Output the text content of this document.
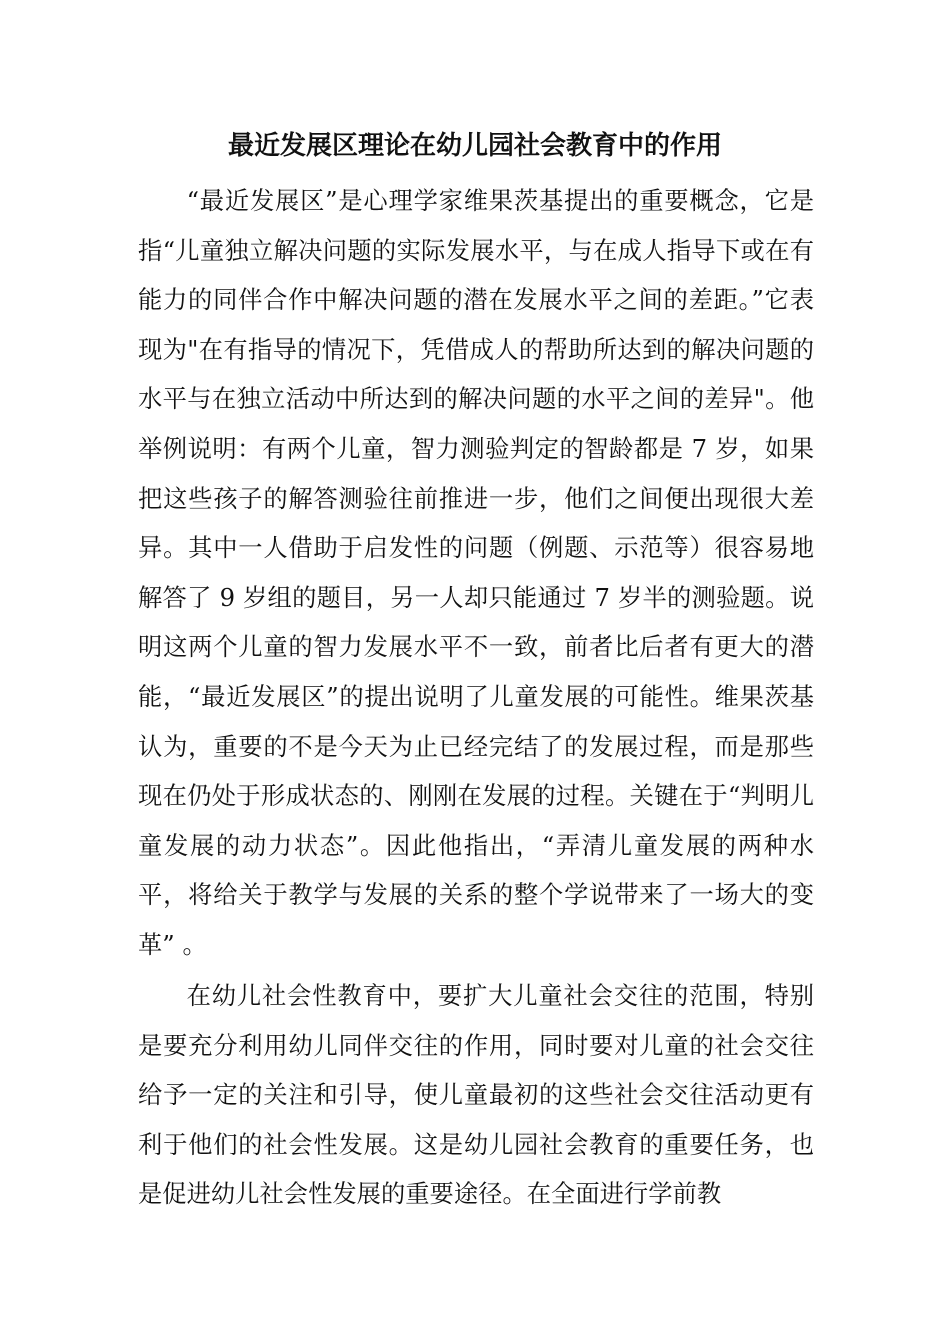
最近发展区理论在幼儿园社会教育中的作用

“最近发展区”是心理学家维果茨基提出的重要概念，它是指“儿童独立解决问题的实际发展水平，与在成人指导下或在有能力的同伴合作中解决问题的潜在发展水平之间的差距。”它表现为"在有指导的情况下，凭借成人的帮助所达到的解决问题的水平与在独立活动中所达到的解决问题的水平之间的差异"。他举例说明：有两个儿童，智力测验判定的智龄都是 7 岁，如果把这些孩子的解答测验往前推进一步，他们之间便出现很大差异。其中一人借助于启发性的问题（例题、示范等）很容易地解答了 9 岁组的题目，另一人却只能通过 7 岁半的测验题。说明这两个儿童的智力发展水平不一致，前者比后者有更大的潜能，“最近发展区”的提出说明了儿童发展的可能性。维果茨基认为，重要的不是今天为止已经完结了的发展过程，而是那些现在仍处于形成状态的、刚刚在发展的过程。关键在于“判明儿童发展的动力状态”。因此他指出，“弄清儿童发展的两种水平，将给关于教学与发展的关系的整个学说带来了一场大的变革” 。

在幼儿社会性教育中，要扩大儿童社会交往的范围，特别是要充分利用幼儿同伴交往的作用，同时要对儿童的社会交往给予一定的关注和引导，使儿童最初的这些社会交往活动更有利于他们的社会性发展。这是幼儿园社会教育的重要任务，也是促进幼儿社会性发展的重要途径。在全面进行学前教
